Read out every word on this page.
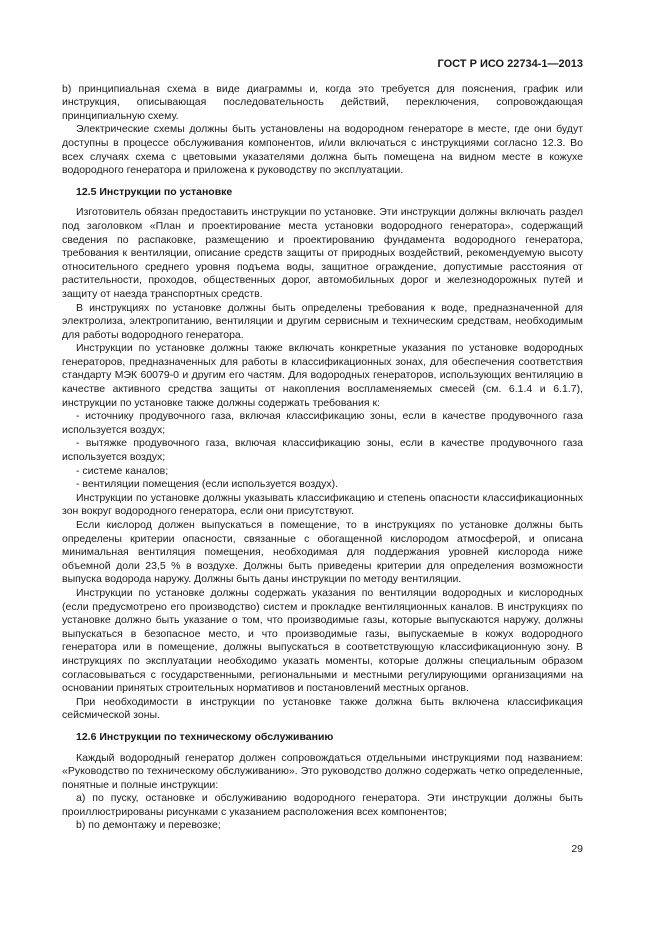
ГОСТ Р ИСО 22734-1—2013

b) принципиальная схема в виде диаграммы и, когда это требуется для пояснения, график или инструкция, описывающая последовательность действий, переключения, сопровождающая принципиальную схему.

Электрические схемы должны быть установлены на водородном генераторе в месте, где они будут доступны в процессе обслуживания компонентов, и/или включаться с инструкциями согласно 12.3. Во всех случаях схема с цветовыми указателями должна быть помещена на видном месте в кожухе водородного генератора и приложена к руководству по эксплуатации.

12.5 Инструкции по установке

Изготовитель обязан предоставить инструкции по установке. Эти инструкции должны включать раздел под заголовком «План и проектирование места установки водородного генератора», содержащий сведения по распаковке, размещению и проектированию фундамента водородного генератора, требования к вентиляции, описание средств защиты от природных воздействий, рекомендуемую высоту относительного среднего уровня подъема воды, защитное ограждение, допустимые расстояния от растительности, проходов, общественных дорог, автомобильных дорог и железнодорожных путей и защиту от наезда транспортных средств.

В инструкциях по установке должны быть определены требования к воде, предназначенной для электролиза, электропитанию, вентиляции и другим сервисным и техническим средствам, необходимым для работы водородного генератора.

Инструкции по установке должны также включать конкретные указания по установке водородных генераторов, предназначенных для работы в классификационных зонах, для обеспечения соответствия стандарту МЭК 60079-0 и другим его частям. Для водородных генераторов, использующих вентиляцию в качестве активного средства защиты от накопления воспламеняемых смесей (см. 6.1.4 и 6.1.7), инструкции по установке также должны содержать требования к:

- источнику продувочного газа, включая классификацию зоны, если в качестве продувочного газа используется воздух;

- вытяжке продувочного газа, включая классификацию зоны, если в качестве продувочного газа используется воздух;

- системе каналов;

- вентиляции помещения (если используется воздух).

Инструкции по установке должны указывать классификацию и степень опасности классификационных зон вокруг водородного генератора, если они присутствуют.

Если кислород должен выпускаться в помещение, то в инструкциях по установке должны быть определены критерии опасности, связанные с обогащенной кислородом атмосферой, и описана минимальная вентиляция помещения, необходимая для поддержания уровней кислорода ниже объемной доли 23,5 % в воздухе. Должны быть приведены критерии для определения возможности выпуска водорода наружу. Должны быть даны инструкции по методу вентиляции.

Инструкции по установке должны содержать указания по вентиляции водородных и кислородных (если предусмотрено его производство) систем и прокладке вентиляционных каналов. В инструкциях по установке должно быть указание о том, что производимые газы, которые выпускаются наружу, должны выпускаться в безопасное место, и что производимые газы, выпускаемые в кожух водородного генератора или в помещение, должны выпускаться в соответствующую классификационную зону. В инструкциях по эксплуатации необходимо указать моменты, которые должны специальным образом согласовываться с государственными, региональными и местными регулирующими организациями на основании принятых строительных нормативов и постановлений местных органов.

При необходимости в инструкции по установке также должна быть включена классификация сейсмической зоны.

12.6 Инструкции по техническому обслуживанию

Каждый водородный генератор должен сопровождаться отдельными инструкциями под названием: «Руководство по техническому обслуживанию». Это руководство должно содержать четко определенные, понятные и полные инструкции:

a) по пуску, остановке и обслуживанию водородного генератора. Эти инструкции должны быть проиллюстрированы рисунками с указанием расположения всех компонентов;

b) по демонтажу и перевозке;

29
